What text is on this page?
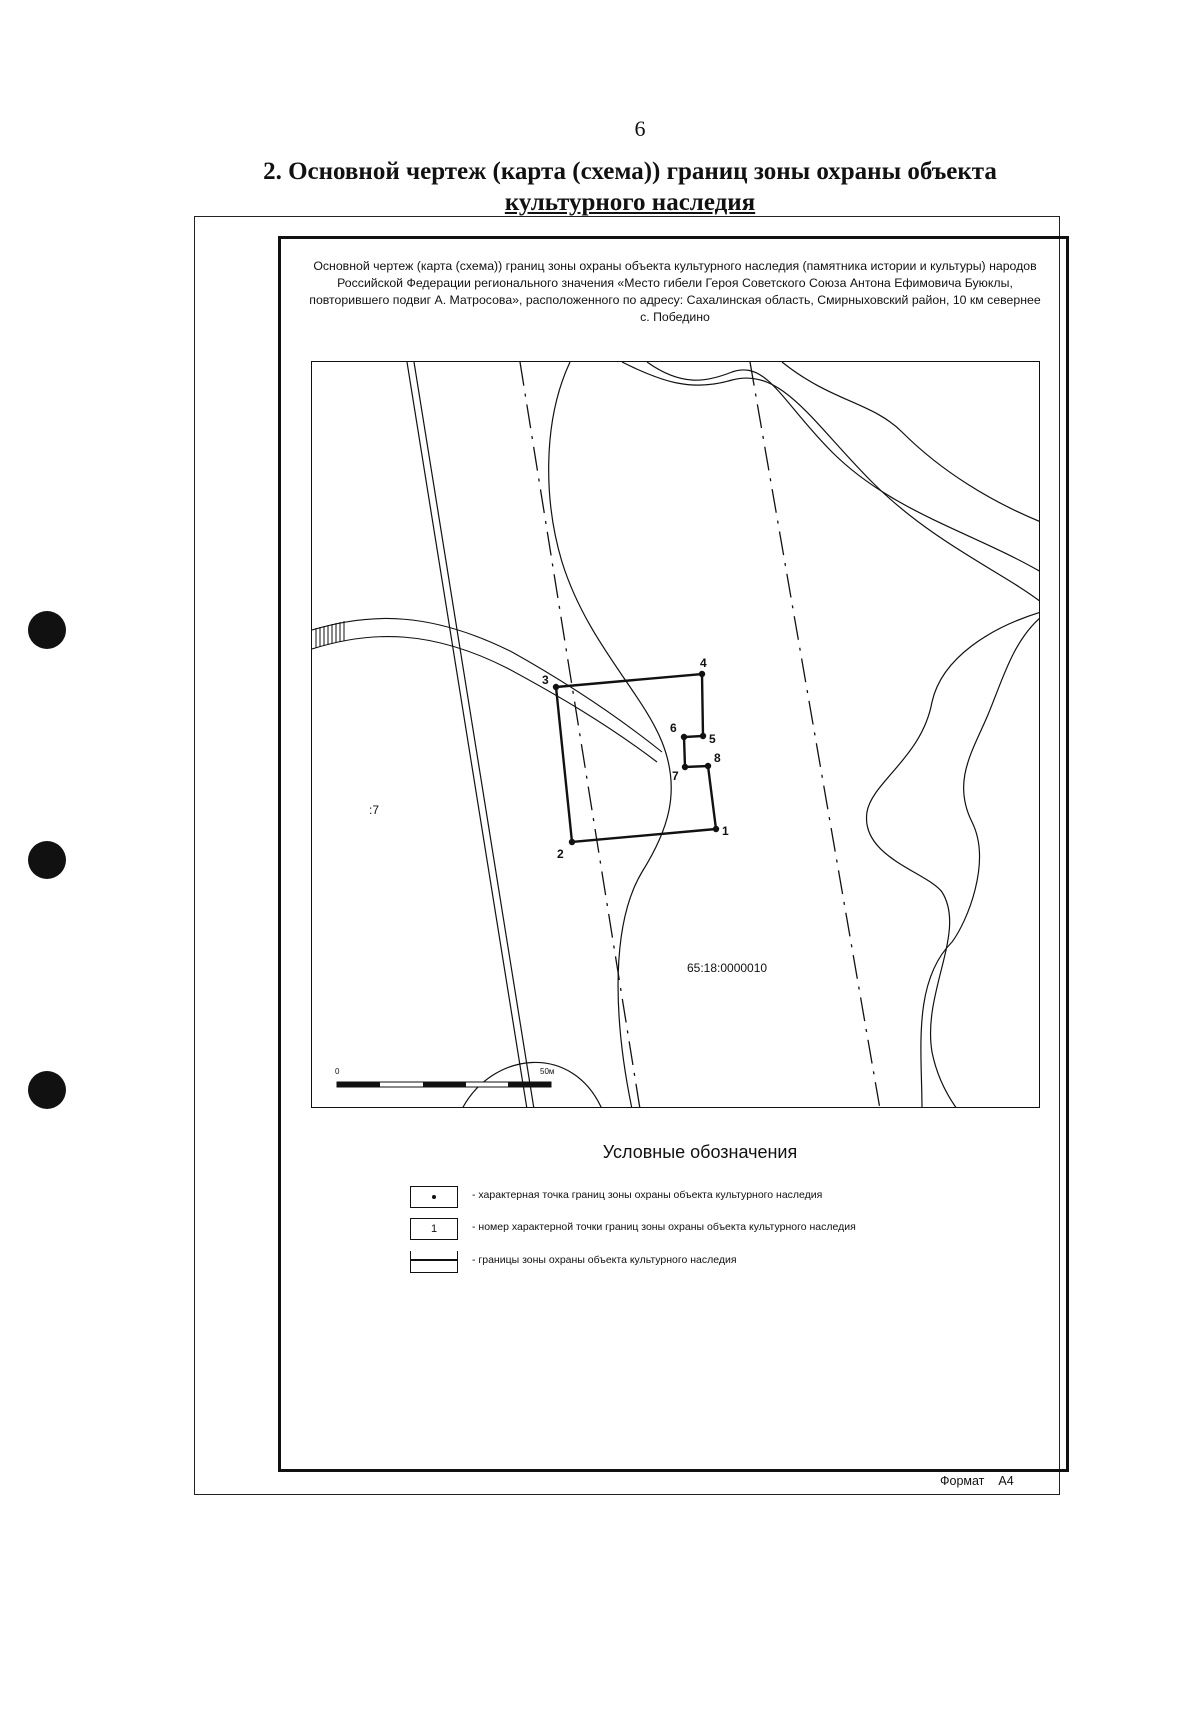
6
2. Основной чертеж (карта (схема)) границ зоны охраны объекта
культурного наследия
Основной чертеж (карта (схема)) границ зоны охраны объекта культурного наследия (памятника истории и культуры) народов Российской Федерации регионального значения «Место гибели Героя Советского Союза Антона Ефимовича Буюклы, повторившего подвиг А. Матросова», расположенного по адресу: Сахалинская область, Смирныховский район, 10 км севернее с. Победино
1
2
3
4
5
6
7
8
:7
65:18:0000010
0	50м
Условные обозначения
- характерная точка границ зоны охраны объекта культурного наследия
1	- номер характерной точки границ зоны охраны объекта культурного наследия
- границы зоны охраны объекта культурного наследия
Формат А4
